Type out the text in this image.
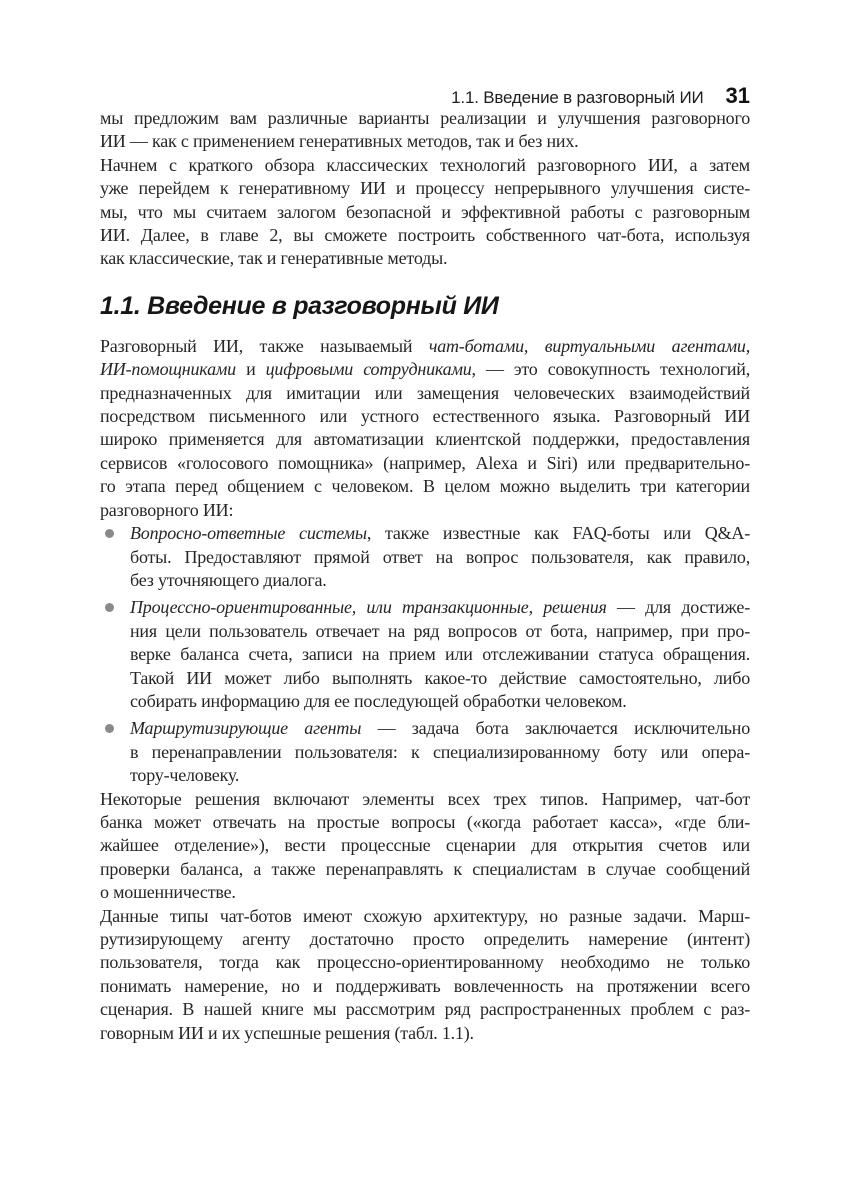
1.1. Введение в разговорный ИИ 31

мы предложим вам различные варианты реализации и улучшения разговорного
ИИ — как с применением генеративных методов, так и без них.

Начнем с краткого обзора классических технологий разговорного ИИ, а затем
уже перейдем к генеративному ИИ и процессу непрерывного улучшения систе-
мы, что мы считаем залогом безопасной и эффективной работы с разговорным
ИИ. Далее, в главе 2, вы сможете построить собственного чат-бота, используя
как классические, так и генеративные методы.

1.1. Введение в разговорный ИИ

Разговорный ИИ, также называемый чат-ботами, виртуальными агентами,
ИИ-помощниками и цифровыми сотрудниками, — это совокупность технологий,
предназначенных для имитации или замещения человеческих взаимодействий
посредством письменного или устного естественного языка. Разговорный ИИ
широко применяется для автоматизации клиентской поддержки, предоставления
сервисов «голосового помощника» (например, Alexa и Siri) или предварительно-
го этапа перед общением с человеком. В целом можно выделить три категории
разговорного ИИ:

Вопросно-ответные системы, также известные как FAQ-боты или Q&A-
боты. Предоставляют прямой ответ на вопрос пользователя, как правило,
без уточняющего диалога.
Процессно-ориентированные, или транзакционные, решения — для достиже-
ния цели пользователь отвечает на ряд вопросов от бота, например, при про-
верке баланса счета, записи на прием или отслеживании статуса обращения.
Такой ИИ может либо выполнять какое-то действие самостоятельно, либо
собирать информацию для ее последующей обработки человеком.
Маршрутизирующие агенты — задача бота заключается исключительно
в перенаправлении пользователя: к специализированному боту или опера-
тору-человеку.

Некоторые решения включают элементы всех трех типов. Например, чат-бот
банка может отвечать на простые вопросы («когда работает касса», «где бли-
жайшее отделение»), вести процессные сценарии для открытия счетов или
проверки баланса, а также перенаправлять к специалистам в случае сообщений
о мошенничестве.

Данные типы чат-ботов имеют схожую архитектуру, но разные задачи. Марш-
рутизирующему агенту достаточно просто определить намерение (интент)
пользователя, тогда как процессно-ориентированному необходимо не только
понимать намерение, но и поддерживать вовлеченность на протяжении всего
сценария. В нашей книге мы рассмотрим ряд распространенных проблем с раз-
говорным ИИ и их успешные решения (табл. 1.1).
